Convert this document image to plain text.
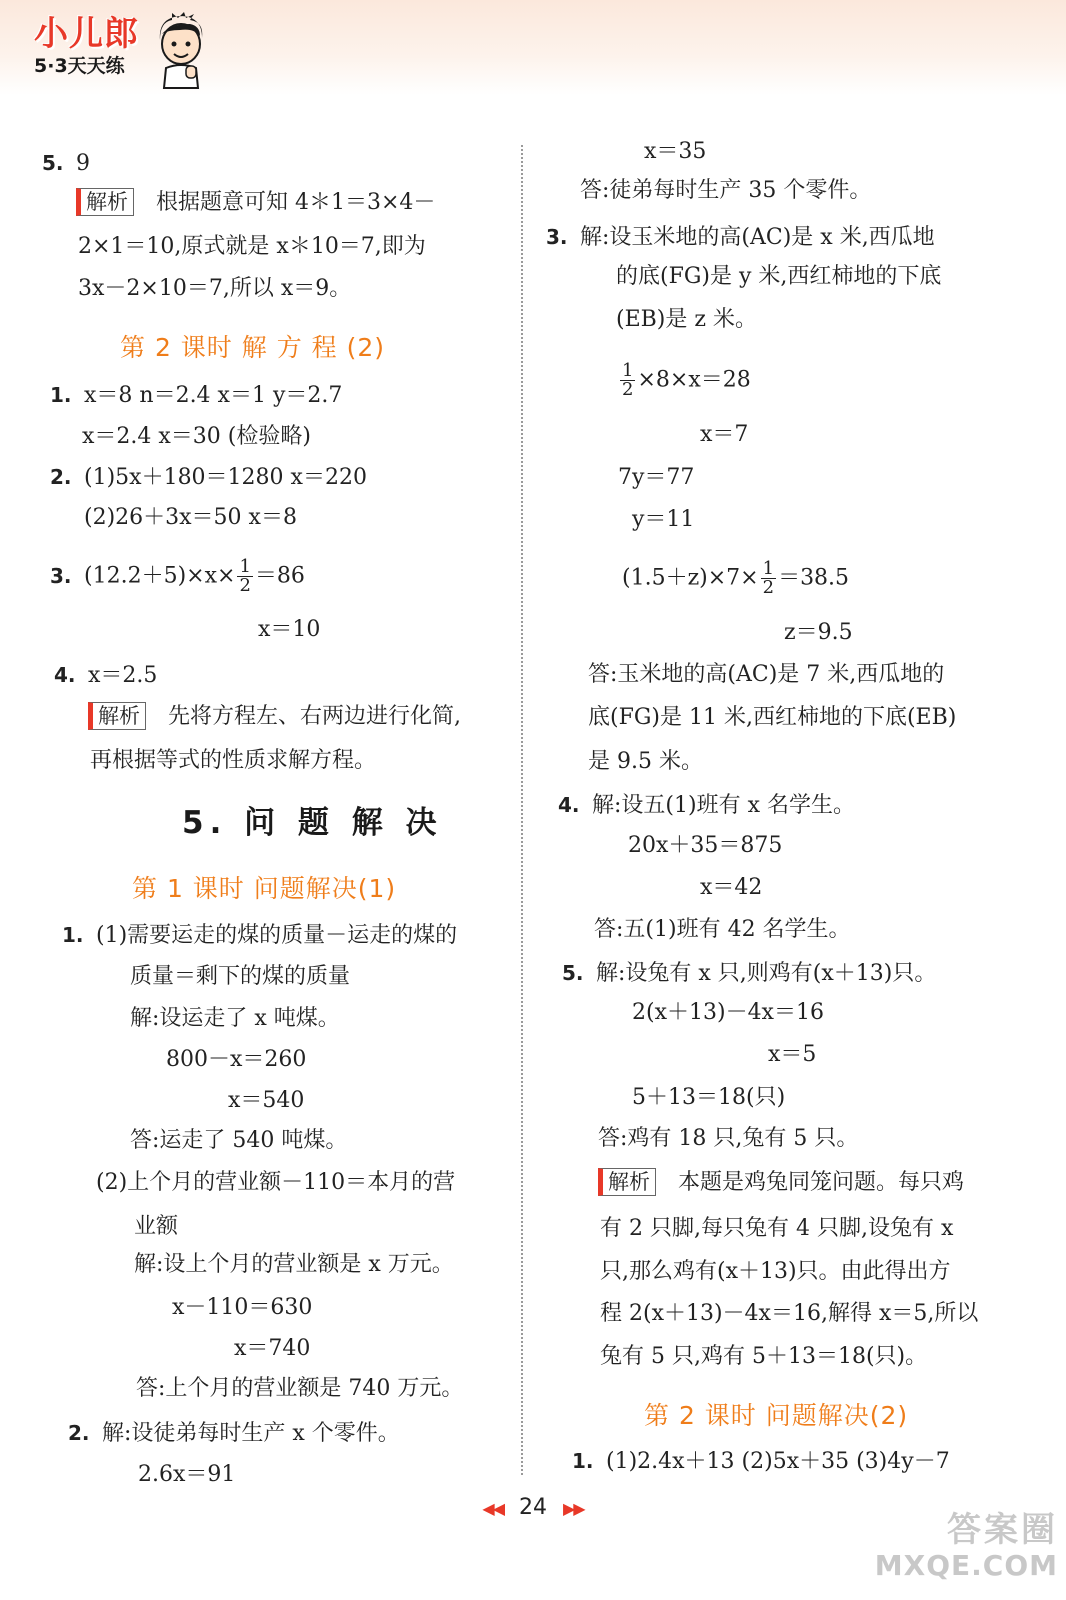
小儿郎
5·3天天练
5. 9
解析 根据题意可知 4＊1＝3×4－
2×1＝10,原式就是 x＊10＝7,即为
3x－2×10＝7,所以 x＝9。
第 2 课时 解 方 程 (2)
1. x＝8 n＝2.4 x＝1 y＝2.7
x＝2.4 x＝30 (检验略)
2. (1)5x＋180＝1280 x＝220
(2)26＋3x＝50 x＝8
3. $(12.2+5)\times x\times \frac{1}{2} =86$
x＝10
4. x＝2.5
解析 先将方程左、右两边进行化简,
再根据等式的性质求解方程。
5. 问 题 解 决
第 1 课时 问题解决(1)
1. (1)需要运走的煤的质量－运走的煤的
质量＝剩下的煤的质量
解:设运走了 x 吨煤。
800－x＝260
x＝540
答:运走了 540 吨煤。
(2)上个月的营业额－110＝本月的营
业额
解:设上个月的营业额是 x 万元。
x－110＝630
x＝740
答:上个月的营业额是 740 万元。
2. 解:设徒弟每时生产 x 个零件。
2.6x＝91
x＝35
答:徒弟每时生产 35 个零件。
3. 解:设玉米地的高(AC)是 x 米,西瓜地
的底(FG)是 y 米,西红柿地的下底
(EB)是 z 米。
$\frac{1}{2} \times 8\times x=28$
x＝7
7y＝77
y＝11
$(1.5+z)\times 7\times \frac{1}{2} =38.5$
z＝9.5
答:玉米地的高(AC)是 7 米,西瓜地的
底(FG)是 11 米,西红柿地的下底(EB)
是 9.5 米。
4. 解:设五(1)班有 x 名学生。
20x＋35＝875
x＝42
答:五(1)班有 42 名学生。
5. 解:设兔有 x 只,则鸡有(x＋13)只。
2(x＋13)－4x＝16
x＝5
5＋13＝18(只)
答:鸡有 18 只,兔有 5 只。
解析 本题是鸡兔同笼问题。每只鸡
有 2 只脚,每只兔有 4 只脚,设兔有 x
只,那么鸡有(x＋13)只。由此得出方
程 2(x＋13)－4x＝16,解得 x＝5,所以
兔有 5 只,鸡有 5＋13＝18(只)。
第 2 课时 问题解决(2)
1. (1)2.4x＋13 (2)5x＋35 (3)4y－7
◀◀ 24 ▶▶
答案圈
MXQE.COM
